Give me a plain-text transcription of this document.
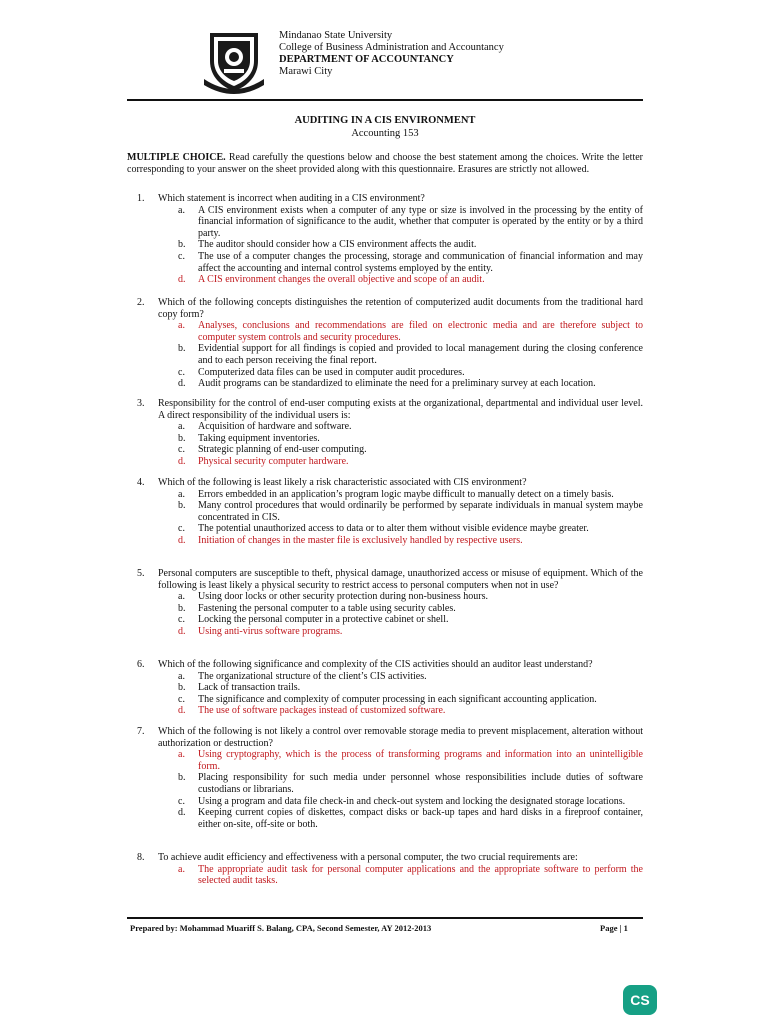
Mindanao State University
College of Business Administration and Accountancy
DEPARTMENT OF ACCOUNTANCY
Marawi City
AUDITING IN A CIS ENVIRONMENT
Accounting 153
MULTIPLE CHOICE. Read carefully the questions below and choose the best statement among the choices. Write the letter corresponding to your answer on the sheet provided along with this questionnaire. Erasures are strictly not allowed.
1. Which statement is incorrect when auditing in a CIS environment?
a. A CIS environment exists when a computer of any type or size is involved in the processing by the entity of financial information of significance to the audit, whether that computer is operated by the entity or by a third party.
b. The auditor should consider how a CIS environment affects the audit.
c. The use of a computer changes the processing, storage and communication of financial information and may affect the accounting and internal control systems employed by the entity.
d. A CIS environment changes the overall objective and scope of an audit.
2. Which of the following concepts distinguishes the retention of computerized audit documents from the traditional hard copy form?
a. Analyses, conclusions and recommendations are filed on electronic media and are therefore subject to computer system controls and security procedures.
b. Evidential support for all findings is copied and provided to local management during the closing conference and to each person receiving the final report.
c. Computerized data files can be used in computer audit procedures.
d. Audit programs can be standardized to eliminate the need for a preliminary survey at each location.
3. Responsibility for the control of end-user computing exists at the organizational, departmental and individual user level. A direct responsibility of the individual users is:
a. Acquisition of hardware and software.
b. Taking equipment inventories.
c. Strategic planning of end-user computing.
d. Physical security computer hardware.
4. Which of the following is least likely a risk characteristic associated with CIS environment?
a. Errors embedded in an application’s program logic maybe difficult to manually detect on a timely basis.
b. Many control procedures that would ordinarily be performed by separate individuals in manual system maybe concentrated in CIS.
c. The potential unauthorized access to data or to alter them without visible evidence maybe greater.
d. Initiation of changes in the master file is exclusively handled by respective users.
5. Personal computers are susceptible to theft, physical damage, unauthorized access or misuse of equipment. Which of the following is least likely a physical security to restrict access to personal computers when not in use?
a. Using door locks or other security protection during non-business hours.
b. Fastening the personal computer to a table using security cables.
c. Locking the personal computer in a protective cabinet or shell.
d. Using anti-virus software programs.
6. Which of the following significance and complexity of the CIS activities should an auditor least understand?
a. The organizational structure of the client’s CIS activities.
b. Lack of transaction trails.
c. The significance and complexity of computer processing in each significant accounting application.
d. The use of software packages instead of customized software.
7. Which of the following is not likely a control over removable storage media to prevent misplacement, alteration without authorization or destruction?
a. Using cryptography, which is the process of transforming programs and information into an unintelligible form.
b. Placing responsibility for such media under personnel whose responsibilities include duties of software custodians or librarians.
c. Using a program and data file check-in and check-out system and locking the designated storage locations.
d. Keeping current copies of diskettes, compact disks or back-up tapes and hard disks in a fireproof container, either on-site, off-site or both.
8. To achieve audit efficiency and effectiveness with a personal computer, the two crucial requirements are:
a. The appropriate audit task for personal computer applications and the appropriate software to perform the selected audit tasks.
Prepared by: Mohammad Muariff S. Balang, CPA, Second Semester, AY 2012-2013	Page | 1
CS
